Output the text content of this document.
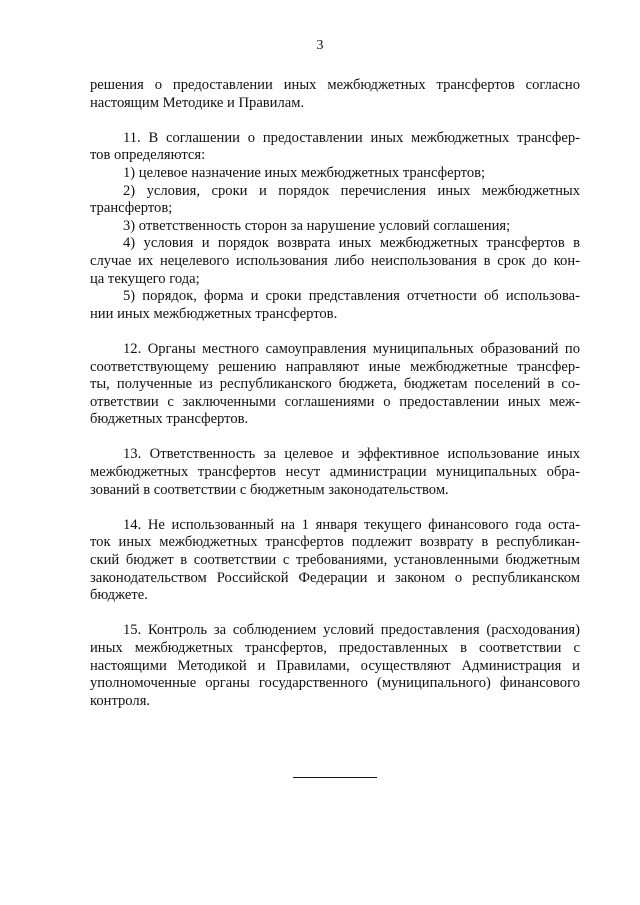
3
решения о предоставлении иных межбюджетных трансфертов согласно
настоящим Методике и Правилам.
11. В соглашении о предоставлении иных межбюджетных трансфер-
тов определяются:
1) целевое назначение иных межбюджетных трансфертов;
2) условия, сроки и порядок перечисления иных межбюджетных
трансфертов;
3) ответственность сторон за нарушение условий соглашения;
4) условия и порядок возврата иных межбюджетных трансфертов в
случае их нецелевого использования либо неиспользования в срок до кон-
ца текущего года;
5) порядок, форма и сроки представления отчетности об использова-
нии иных межбюджетных трансфертов.
12. Органы местного самоуправления муниципальных образований по
соответствующему решению направляют иные межбюджетные трансфер-
ты, полученные из республиканского бюджета, бюджетам поселений в со-
ответствии с заключенными соглашениями о предоставлении иных меж-
бюджетных трансфертов.
13. Ответственность за целевое и эффективное использование иных
межбюджетных трансфертов несут администрации муниципальных обра-
зований в соответствии с бюджетным законодательством.
14. Не использованный на 1 января текущего финансового года остa-
ток иных межбюджетных трансфертов подлежит возврату в республикан-
ский бюджет в соответствии с требованиями, установленными бюджетным
законодательством Российской Федерации и законом о республиканском
бюджете.
15. Контроль за соблюдением условий предоставления (расходования)
иных межбюджетных трансфертов, предоставленных в соответствии с
настоящими Методикой и Правилами, осуществляют Администрация и
уполномоченные органы государственного (муниципального) финансового
контроля.
